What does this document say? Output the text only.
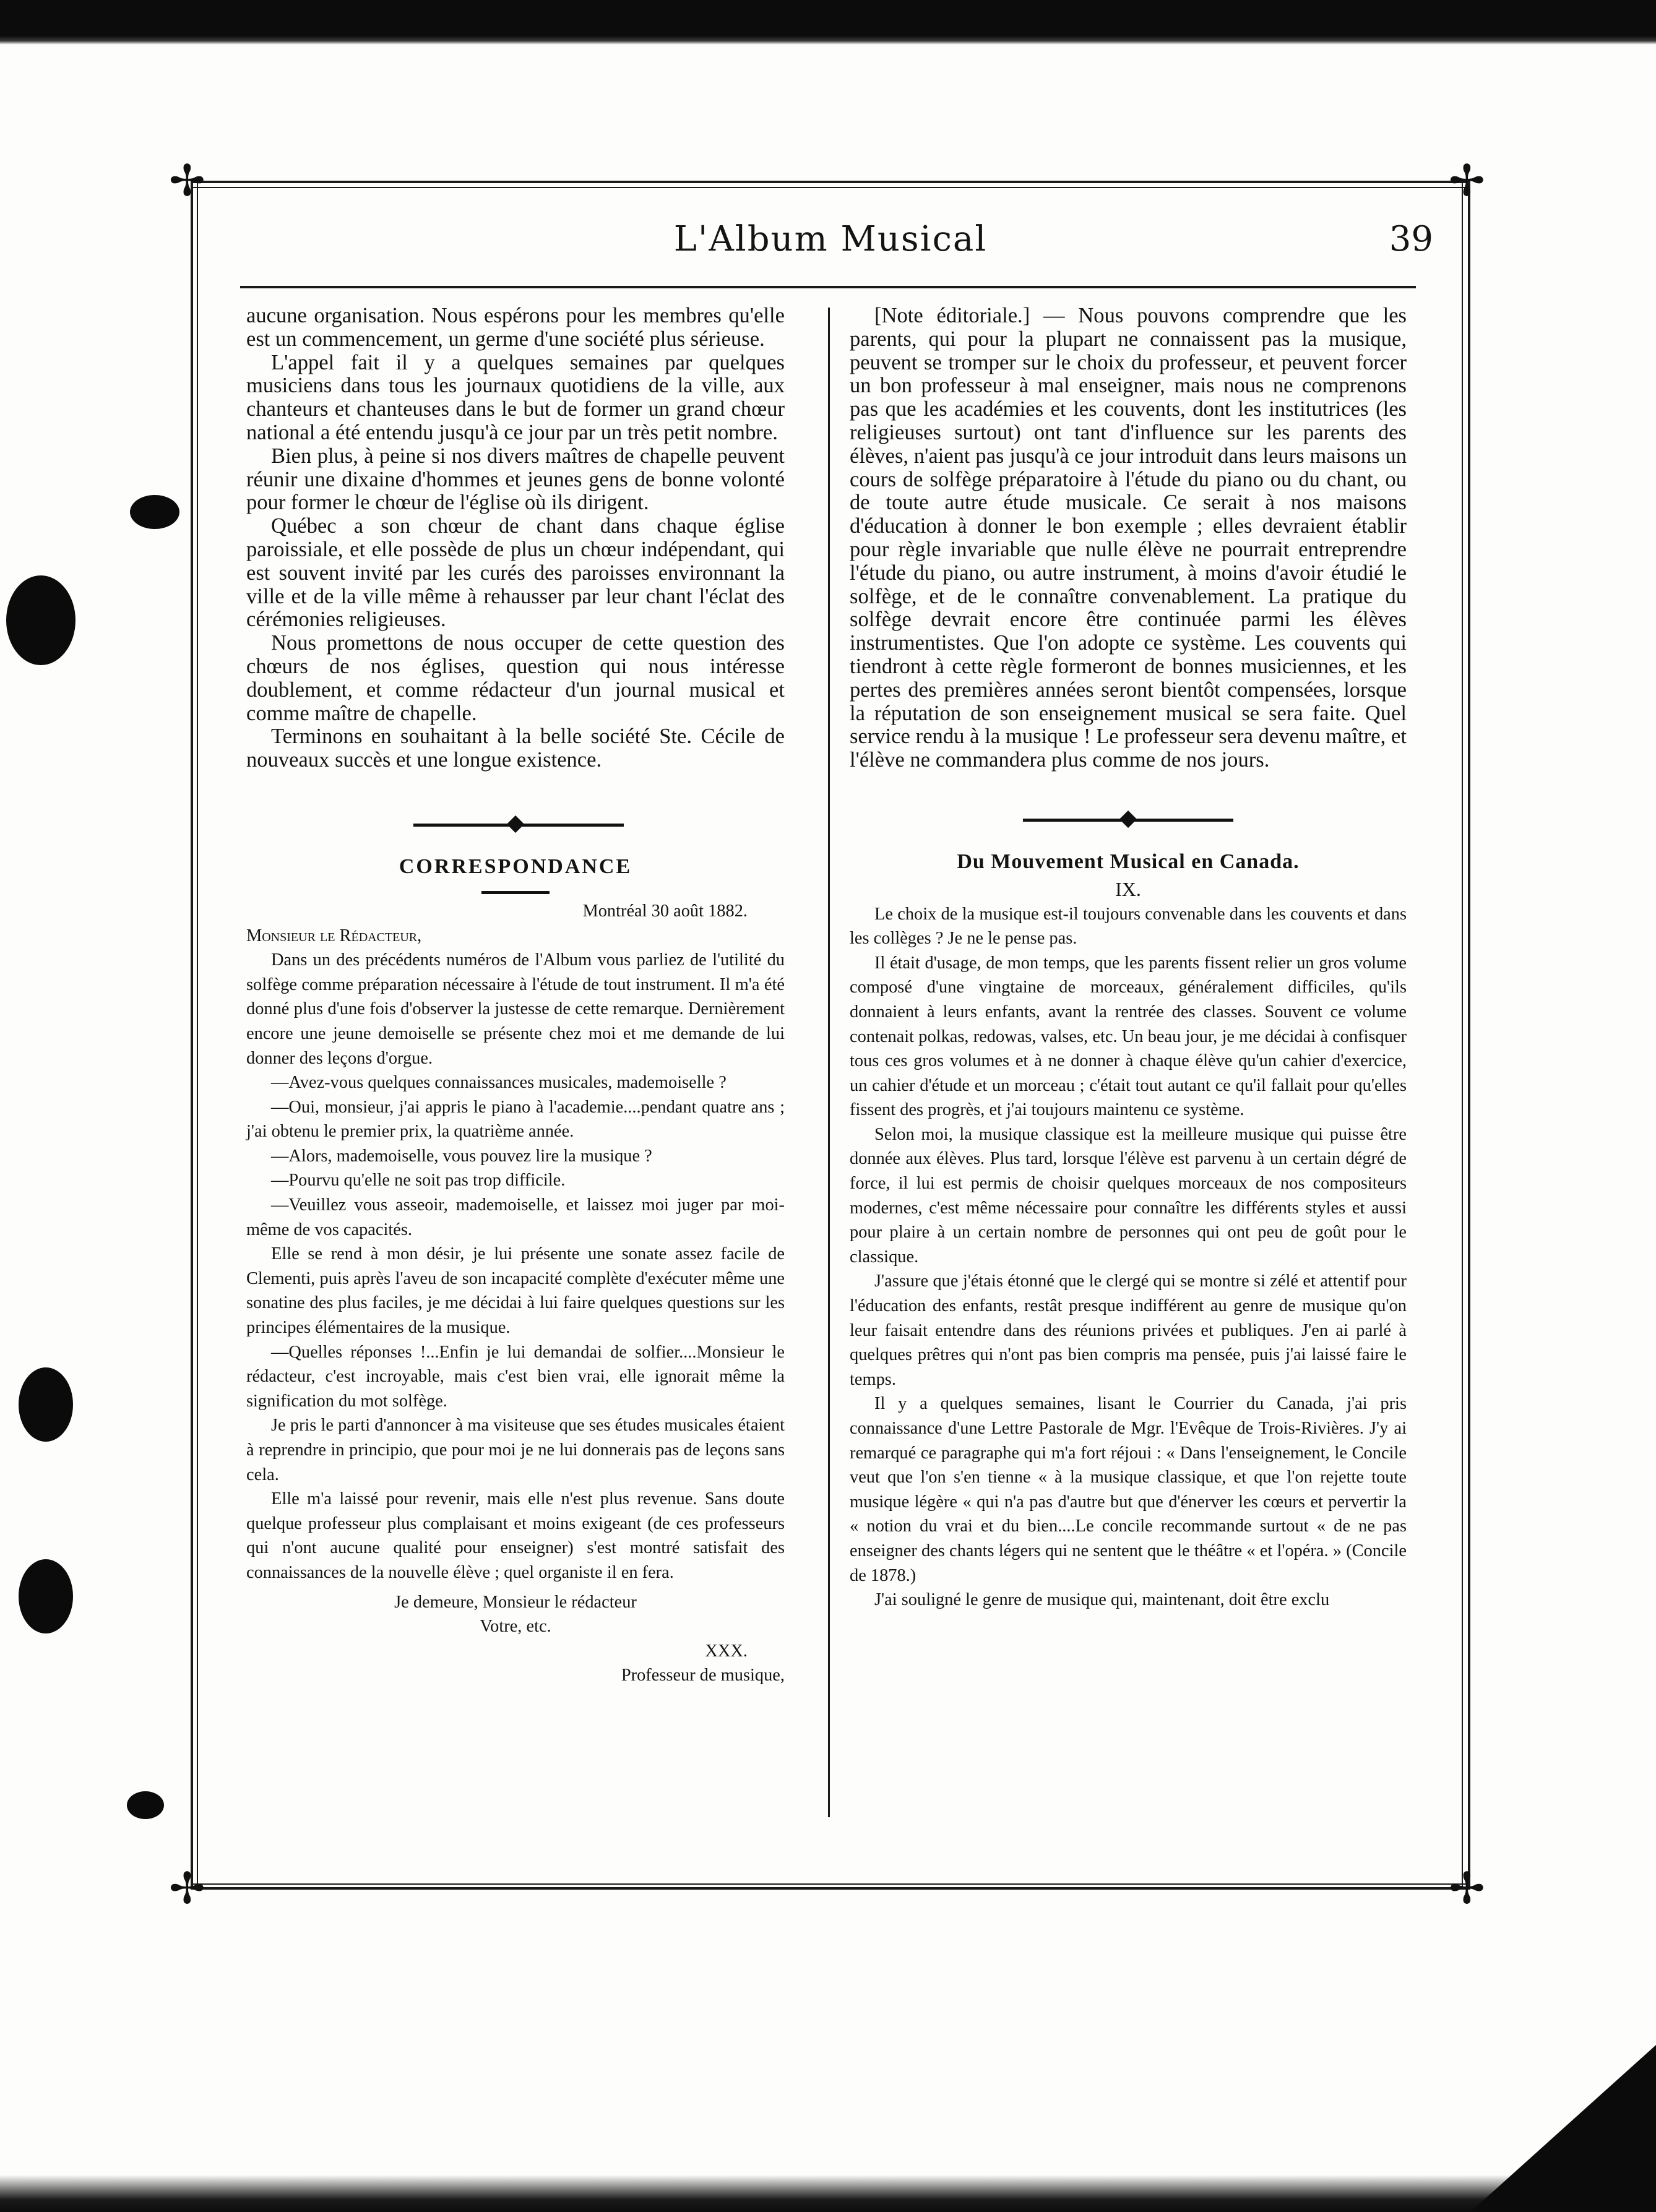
✢	✢
✢	✢
L'Album Musical	39

aucune organisation. Nous espérons pour les membres qu'elle est un commencement, un germe d'une société plus sérieuse.

L'appel fait il y a quelques semaines par quelques musiciens dans tous les journaux quotidiens de la ville, aux chanteurs et chanteuses dans le but de former un grand chœur national a été entendu jusqu'à ce jour par un très petit nombre.

Bien plus, à peine si nos divers maîtres de chapelle peuvent réunir une dixaine d'hommes et jeunes gens de bonne volonté pour former le chœur de l'église où ils dirigent.

Québec a son chœur de chant dans chaque église paroissiale, et elle possède de plus un chœur indépendant, qui est souvent invité par les curés des paroisses environnant la ville et de la ville même à rehausser par leur chant l'éclat des cérémonies religieuses.

Nous promettons de nous occuper de cette question des chœurs de nos églises, question qui nous intéresse doublement, et comme rédacteur d'un journal musical et comme maître de chapelle.

Terminons en souhaitant à la belle société Ste. Cécile de nouveaux succès et une longue existence.

CORRESPONDANCE

Montréal 30 août 1882.

Monsieur le Rédacteur,

Dans un des précédents numéros de l'Album vous parliez de l'utilité du solfège comme préparation nécessaire à l'étude de tout instrument. Il m'a été donné plus d'une fois d'observer la justesse de cette remarque. Dernièrement encore une jeune demoiselle se présente chez moi et me demande de lui donner des leçons d'orgue.

—Avez-vous quelques connaissances musicales, mademoiselle ?

—Oui, monsieur, j'ai appris le piano à l'academie....pendant quatre ans ; j'ai obtenu le premier prix, la quatrième année.

—Alors, mademoiselle, vous pouvez lire la musique ?

—Pourvu qu'elle ne soit pas trop difficile.

—Veuillez vous asseoir, mademoiselle, et laissez moi juger par moi-même de vos capacités.

Elle se rend à mon désir, je lui présente une sonate assez facile de Clementi, puis après l'aveu de son incapacité complète d'exécuter même une sonatine des plus faciles, je me décidai à lui faire quelques questions sur les principes élémentaires de la musique.

—Quelles réponses !...Enfin je lui demandai de solfier....Monsieur le rédacteur, c'est incroyable, mais c'est bien vrai, elle ignorait même la signification du mot solfège.

Je pris le parti d'annoncer à ma visiteuse que ses études musicales étaient à reprendre in principio, que pour moi je ne lui donnerais pas de leçons sans cela.

Elle m'a laissé pour revenir, mais elle n'est plus revenue. Sans doute quelque professeur plus complaisant et moins exigeant (de ces professeurs qui n'ont aucune qualité pour enseigner) s'est montré satisfait des connaissances de la nouvelle élève ; quel organiste il en fera.

Je demeure, Monsieur le rédacteur

Votre, etc.

XXX.

Professeur de musique,

[Note éditoriale.] — Nous pouvons comprendre que les parents, qui pour la plupart ne connaissent pas la musique, peuvent se tromper sur le choix du professeur, et peuvent forcer un bon professeur à mal enseigner, mais nous ne comprenons pas que les académies et les couvents, dont les institutrices (les religieuses surtout) ont tant d'influence sur les parents des élèves, n'aient pas jusqu'à ce jour introduit dans leurs maisons un cours de solfège préparatoire à l'étude du piano ou du chant, ou de toute autre étude musicale. Ce serait à nos maisons d'éducation à donner le bon exemple ; elles devraient établir pour règle invariable que nulle élève ne pourrait entreprendre l'étude du piano, ou autre instrument, à moins d'avoir étudié le solfège, et de le connaître convenablement. La pratique du solfège devrait encore être continuée parmi les élèves instrumentistes. Que l'on adopte ce système. Les couvents qui tiendront à cette règle formeront de bonnes musiciennes, et les pertes des premières années seront bientôt compensées, lorsque la réputation de son enseignement musical se sera faite. Quel service rendu à la musique ! Le professeur sera devenu maître, et l'élève ne commandera plus comme de nos jours.

Du Mouvement Musical en Canada.

IX.

Le choix de la musique est-il toujours convenable dans les couvents et dans les collèges ? Je ne le pense pas.

Il était d'usage, de mon temps, que les parents fissent relier un gros volume composé d'une vingtaine de morceaux, généralement difficiles, qu'ils donnaient à leurs enfants, avant la rentrée des classes. Souvent ce volume contenait polkas, redowas, valses, etc. Un beau jour, je me décidai à confisquer tous ces gros volumes et à ne donner à chaque élève qu'un cahier d'exercice, un cahier d'étude et un morceau ; c'était tout autant ce qu'il fallait pour qu'elles fissent des progrès, et j'ai toujours maintenu ce système.

Selon moi, la musique classique est la meilleure musique qui puisse être donnée aux élèves. Plus tard, lorsque l'élève est parvenu à un certain dégré de force, il lui est permis de choisir quelques morceaux de nos compositeurs modernes, c'est même nécessaire pour connaître les différents styles et aussi pour plaire à un certain nombre de personnes qui ont peu de goût pour le classique.

J'assure que j'étais étonné que le clergé qui se montre si zélé et attentif pour l'éducation des enfants, restât presque indifférent au genre de musique qu'on leur faisait entendre dans des réunions privées et publiques. J'en ai parlé à quelques prêtres qui n'ont pas bien compris ma pensée, puis j'ai laissé faire le temps.

Il y a quelques semaines, lisant le Courrier du Canada, j'ai pris connaissance d'une Lettre Pastorale de Mgr. l'Evêque de Trois-Rivières. J'y ai remarqué ce paragraphe qui m'a fort réjoui : « Dans l'enseignement, le Concile veut que l'on s'en tienne « à la musique classique, et que l'on rejette toute musique légère « qui n'a pas d'autre but que d'énerver les cœurs et pervertir la « notion du vrai et du bien....Le concile recommande surtout « de ne pas enseigner des chants légers qui ne sentent que le théâtre « et l'opéra. » (Concile de 1878.)

J'ai souligné le genre de musique qui, maintenant, doit être exclu
